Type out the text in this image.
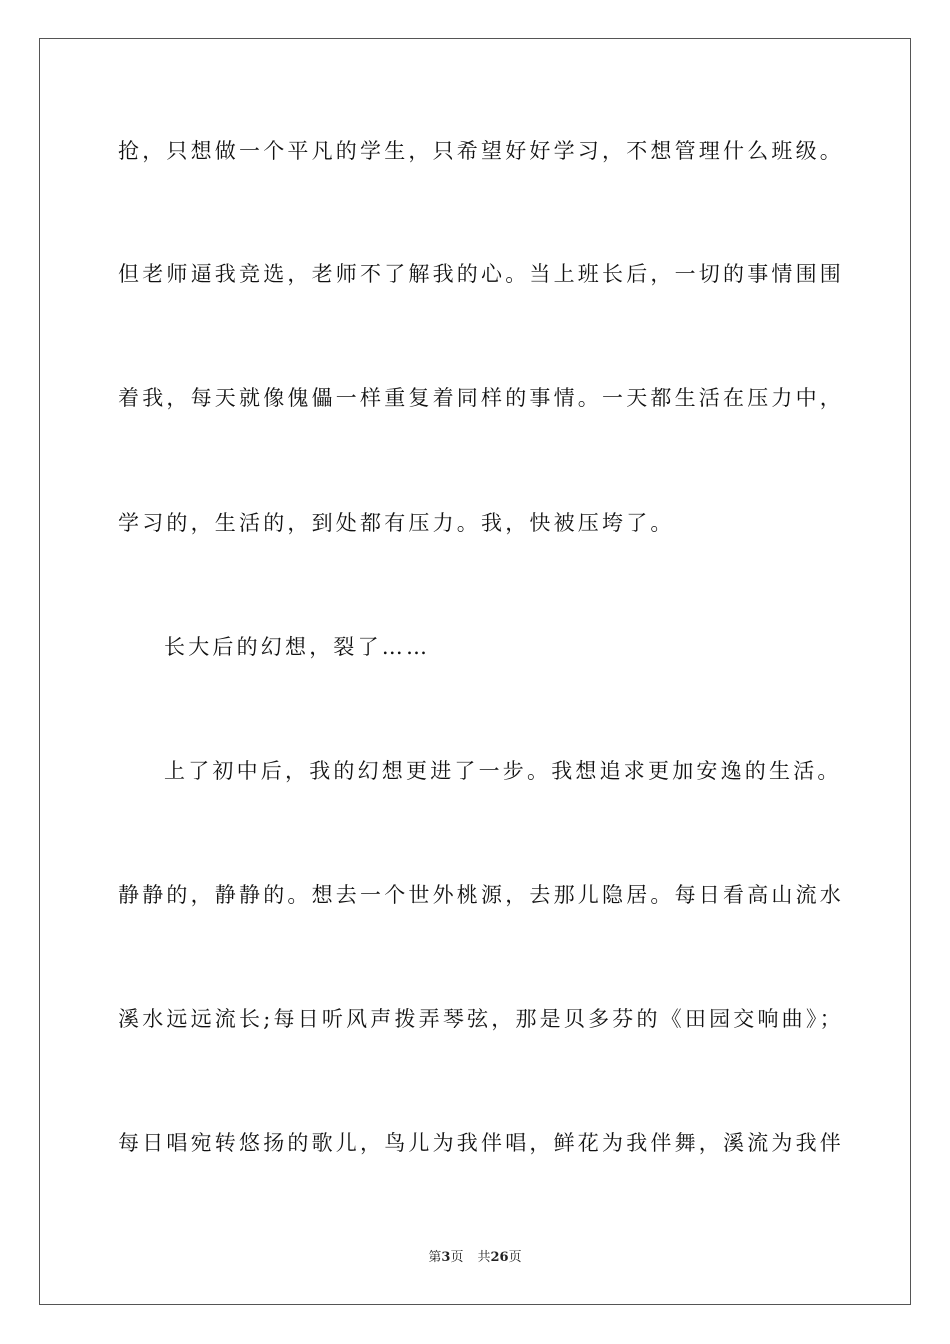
抢，只想做一个平凡的学生，只希望好好学习，不想管理什么班级。
但老师逼我竞选，老师不了解我的心。当上班长后，一切的事情围围
着我，每天就像傀儡一样重复着同样的事情。一天都生活在压力中，
学习的，生活的，到处都有压力。我，快被压垮了。
长大后的幻想，裂了……
上了初中后，我的幻想更进了一步。我想追求更加安逸的生活。
静静的，静静的。想去一个世外桃源，去那儿隐居。每日看高山流水
溪水远远流长;每日听风声拨弄琴弦，那是贝多芬的《田园交响曲》；
每日唱宛转悠扬的歌儿，鸟儿为我伴唱，鲜花为我伴舞，溪流为我伴
第3页 共26页
